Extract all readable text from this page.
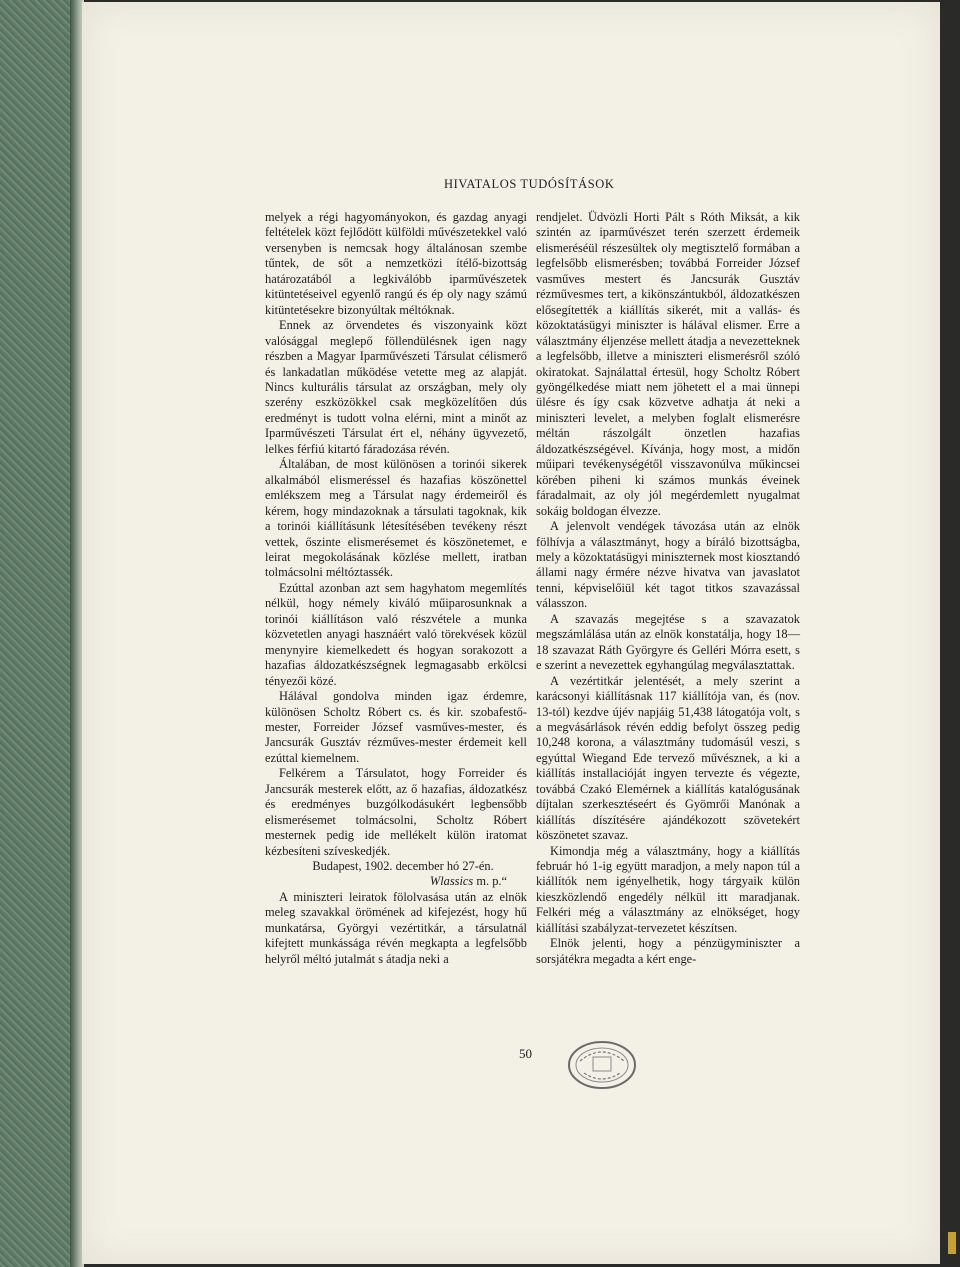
HIVATALOS TUDÓSÍTÁSOK

melyek a régi hagyományokon, és gazdag anyagi feltételek közt fejlődött külföldi művészetekkel való versenyben is nemcsak hogy általánosan szembe tűntek, de sőt a nemzetközi ítélő-bizottság határozatából a legkiválóbb iparművészetek kitüntetéseivel egyenlő rangú és ép oly nagy számú kitüntetésekre bizonyúltak méltóknak.

Ennek az örvendetes és viszonyaink közt valósággal meglepő föllendülésnek igen nagy részben a Magyar Iparművészeti Társulat célismerő és lankadatlan működése vetette meg az alapját. Nincs kulturális társulat az országban, mely oly szerény eszközökkel csak megközelítően dús eredményt is tudott volna elérni, mint a minőt az Iparművészeti Társulat ért el, néhány ügyvezető, lelkes férfiú kitartó fáradozása révén.

Általában, de most különösen a torinói sikerek alkalmából elismeréssel és hazafias köszönettel emlékszem meg a Társulat nagy érdemeiről és kérem, hogy mindazoknak a társulati tagoknak, kik a torinói kiállításunk létesítésében tevékeny részt vettek, őszinte elismerésemet és köszönetemet, e leirat megokolásának közlése mellett, iratban tolmácsolni méltóztassék.

Ezúttal azonban azt sem hagyhatom megemlítés nélkül, hogy némely kiváló műiparosunknak a torinói kiállításon való részvétele a munka közvetetlen anyagi hasznáért való törekvések közül menynyire kiemelkedett és hogyan sorakozott a hazafias áldozatkészségnek legmagasabb erkölcsi tényezői közé.

Hálával gondolva minden igaz érdemre, különösen Scholtz Róbert cs. és kir. szobafestő-mester, Forreider József vasműves-mester, és Jancsurák Gusztáv rézműves-mester érdemeit kell ezúttal kiemelnem.

Felkérem a Társulatot, hogy Forreider és Jancsurák mesterek előtt, az ő hazafias, áldozatkész és eredményes buzgólkodásukért legbensőbb elismerésemet tolmácsolni, Scholtz Róbert mesternek pedig ide mellékelt külön iratomat kézbesíteni szíveskedjék.

Budapest, 1902. december hó 27-én.

Wlassics m. p.“

A miniszteri leiratok fölolvasása után az elnök meleg szavakkal örömének ad kifejezést, hogy hű munkatársa, Györgyi vezértitkár, a társulatnál kifejtett munkássága révén megkapta a legfelsőbb helyről méltó jutalmát s átadja neki a

rendjelet. Üdvözli Horti Pált s Róth Miksát, a kik szintén az iparművészet terén szerzett érdemeik elismeréséül részesültek oly megtisztelő formában a legfelsőbb elismerésben; továbbá Forreider József vasműves mestert és Jancsurák Gusztáv rézművesmes tert, a kikönszántukból, áldozatkészen elősegítették a kiállítás sikerét, mit a vallás- és közoktatásügyi miniszter is hálával elismer. Erre a választmány éljenzése mellett átadja a nevezetteknek a legfelsőbb, illetve a miniszteri elismerésről szóló okiratokat. Sajnálattal értesül, hogy Scholtz Róbert gyöngélkedése miatt nem jöhetett el a mai ünnepi ülésre és így csak közvetve adhatja át neki a miniszteri levelet, a melyben foglalt elismerésre méltán rászolgált önzetlen hazafias áldozatkészségével. Kívánja, hogy most, a midőn műipari tevékenységétől visszavonúlva műkincsei körében piheni ki számos munkás éveinek fáradalmait, az oly jól megérdemlett nyugalmat sokáig boldogan élvezze.

A jelenvolt vendégek távozása után az elnök fölhívja a választmányt, hogy a bíráló bizottságba, mely a közoktatásügyi miniszternek most kiosztandó állami nagy érmére nézve hivatva van javaslatot tenni, képviselőiül két tagot titkos szavazással válasszon.

A szavazás megejtése s a szavazatok megszámlálása után az elnök konstatálja, hogy 18—18 szavazat Ráth Györgyre és Gelléri Mórra esett, s e szerint a nevezettek egyhangúlag megválasztattak.

A vezértitkár jelentését, a mely szerint a karácsonyi kiállításnak 117 kiállítója van, és (nov. 13-tól) kezdve újév napjáig 51,438 látogatója volt, s a megvásárlások révén eddig befolyt összeg pedig 10,248 korona, a választmány tudomásúl veszi, s egyúttal Wiegand Ede tervező művésznek, a ki a kiállítás installacióját ingyen tervezte és végezte, továbbá Czakó Elemérnek a kiállítás katalógusának díjtalan szerkesztéseért és Gyömrői Manónak a kiállítás díszítésére ajándékozott szövetekért köszönetet szavaz.

Kimondja még a választmány, hogy a kiállítás február hó 1-ig együtt maradjon, a mely napon túl a kiállítók nem igényelhetik, hogy tárgyaik külön kieszközlendő engedély nélkül itt maradjanak. Felkéri még a választmány az elnökséget, hogy kiállítási szabályzat-tervezetet készítsen.

Elnök jelenti, hogy a pénzügyminiszter a sorsjátékra megadta a kért enge-

50
